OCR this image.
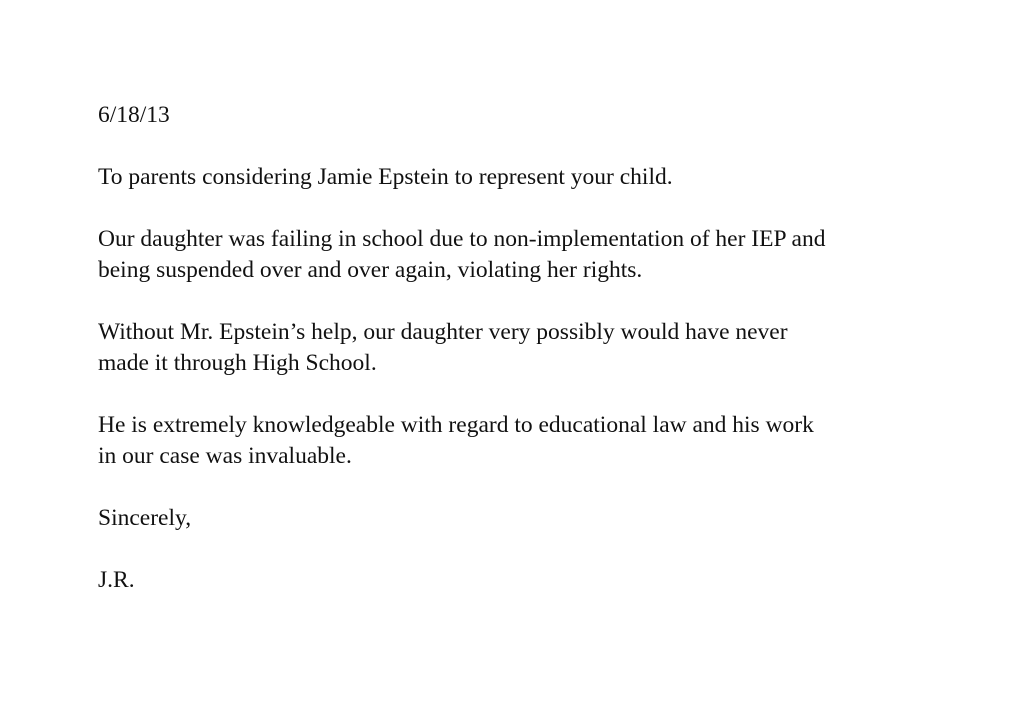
6/18/13

To parents considering Jamie Epstein to represent your child.

Our daughter was failing in school due to non-implementation of her IEP and
being suspended over and over again, violating her rights.

Without Mr. Epstein’s help, our daughter very possibly would have never
made it through High School.

He is extremely knowledgeable with regard to educational law and his work
in our case was invaluable.

Sincerely,

J.R.
